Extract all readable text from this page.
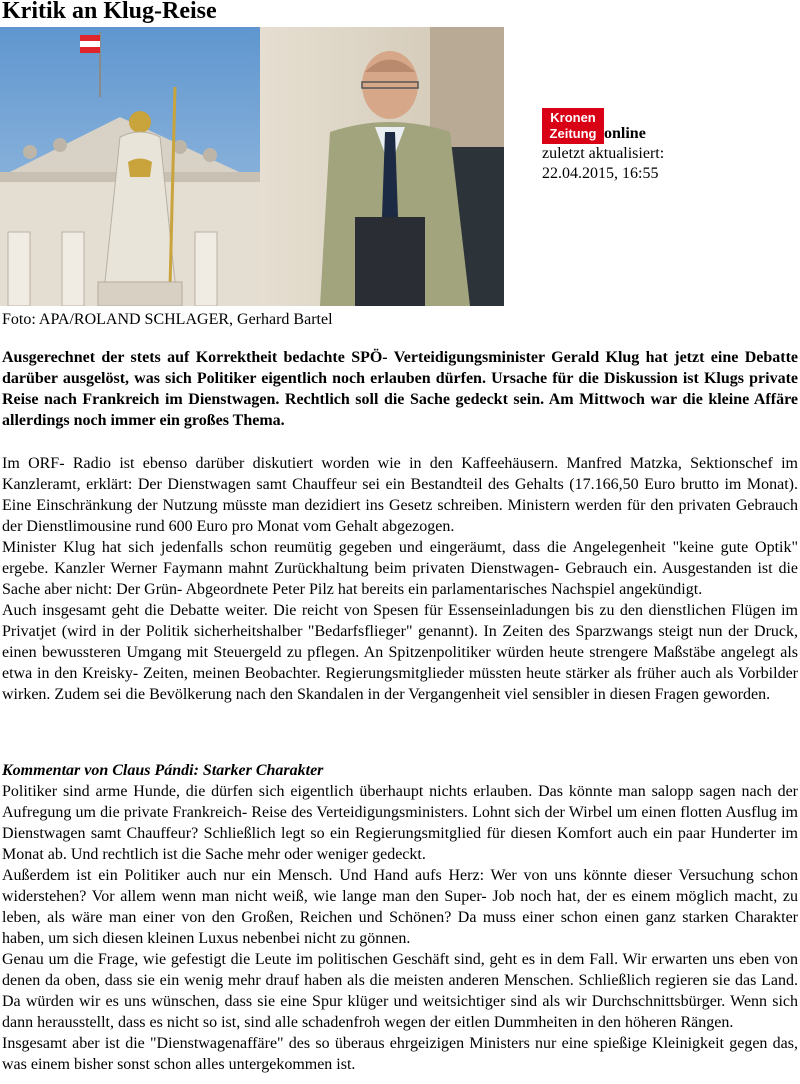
Kritik an Klug-Reise
Kronen
Zeitung online
zuletzt aktualisiert:
22.04.2015, 16:55
Foto: APA/ROLAND SCHLAGER, Gerhard Bartel
Ausgerechnet der stets auf Korrektheit bedachte SPÖ- Verteidigungsminister Gerald Klug hat jetzt eine Debatte darüber ausgelöst, was sich Politiker eigentlich noch erlauben dürfen. Ursache für die Diskussion ist Klugs private Reise nach Frankreich im Dienstwagen. Rechtlich soll die Sache gedeckt sein. Am Mittwoch war die kleine Affäre allerdings noch immer ein großes Thema.

Im ORF- Radio ist ebenso darüber diskutiert worden wie in den Kaffeehäusern. Manfred Matzka, Sektionschef im Kanzleramt, erklärt: Der Dienstwagen samt Chauffeur sei ein Bestandteil des Gehalts (17.166,50 Euro brutto im Monat). Eine Einschränkung der Nutzung müsste man dezidiert ins Gesetz schreiben. Ministern werden für den privaten Gebrauch der Dienstlimousine rund 600 Euro pro Monat vom Gehalt abgezogen.

Minister Klug hat sich jedenfalls schon reumütig gegeben und eingeräumt, dass die Angelegenheit "keine gute Optik" ergebe. Kanzler Werner Faymann mahnt Zurückhaltung beim privaten Dienstwagen- Gebrauch ein. Ausgestanden ist die Sache aber nicht: Der Grün- Abgeordnete Peter Pilz hat bereits ein parlamentarisches Nachspiel angekündigt.

Auch insgesamt geht die Debatte weiter. Die reicht von Spesen für Essenseinladungen bis zu den dienstlichen Flügen im Privatjet (wird in der Politik sicherheitshalber "Bedarfsflieger" genannt). In Zeiten des Sparzwangs steigt nun der Druck, einen bewussteren Umgang mit Steuergeld zu pflegen. An Spitzenpolitiker würden heute strengere Maßstäbe angelegt als etwa in den Kreisky- Zeiten, meinen Beobachter. Regierungsmitglieder müssten heute stärker als früher auch als Vorbilder wirken. Zudem sei die Bevölkerung nach den Skandalen in der Vergangenheit viel sensibler in diesen Fragen geworden.

Kommentar von Claus Pándi: Starker Charakter

Politiker sind arme Hunde, die dürfen sich eigentlich überhaupt nichts erlauben. Das könnte man salopp sagen nach der Aufregung um die private Frankreich- Reise des Verteidigungsministers. Lohnt sich der Wirbel um einen flotten Ausflug im Dienstwagen samt Chauffeur? Schließlich legt so ein Regierungsmitglied für diesen Komfort auch ein paar Hunderter im Monat ab. Und rechtlich ist die Sache mehr oder weniger gedeckt.

Außerdem ist ein Politiker auch nur ein Mensch. Und Hand aufs Herz: Wer von uns könnte dieser Versuchung schon widerstehen? Vor allem wenn man nicht weiß, wie lange man den Super- Job noch hat, der es einem möglich macht, zu leben, als wäre man einer von den Großen, Reichen und Schönen? Da muss einer schon einen ganz starken Charakter haben, um sich diesen kleinen Luxus nebenbei nicht zu gönnen.

Genau um die Frage, wie gefestigt die Leute im politischen Geschäft sind, geht es in dem Fall. Wir erwarten uns eben von denen da oben, dass sie ein wenig mehr drauf haben als die meisten anderen Menschen. Schließlich regieren sie das Land. Da würden wir es uns wünschen, dass sie eine Spur klüger und weitsichtiger sind als wir Durchschnittsbürger. Wenn sich dann herausstellt, dass es nicht so ist, sind alle schadenfroh wegen der eitlen Dummheiten in den höheren Rängen.

Insgesamt aber ist die "Dienstwagenaffäre" des so überaus ehrgeizigen Ministers nur eine spießige Kleinigkeit gegen das, was einem bisher sonst schon alles untergekommen ist.
